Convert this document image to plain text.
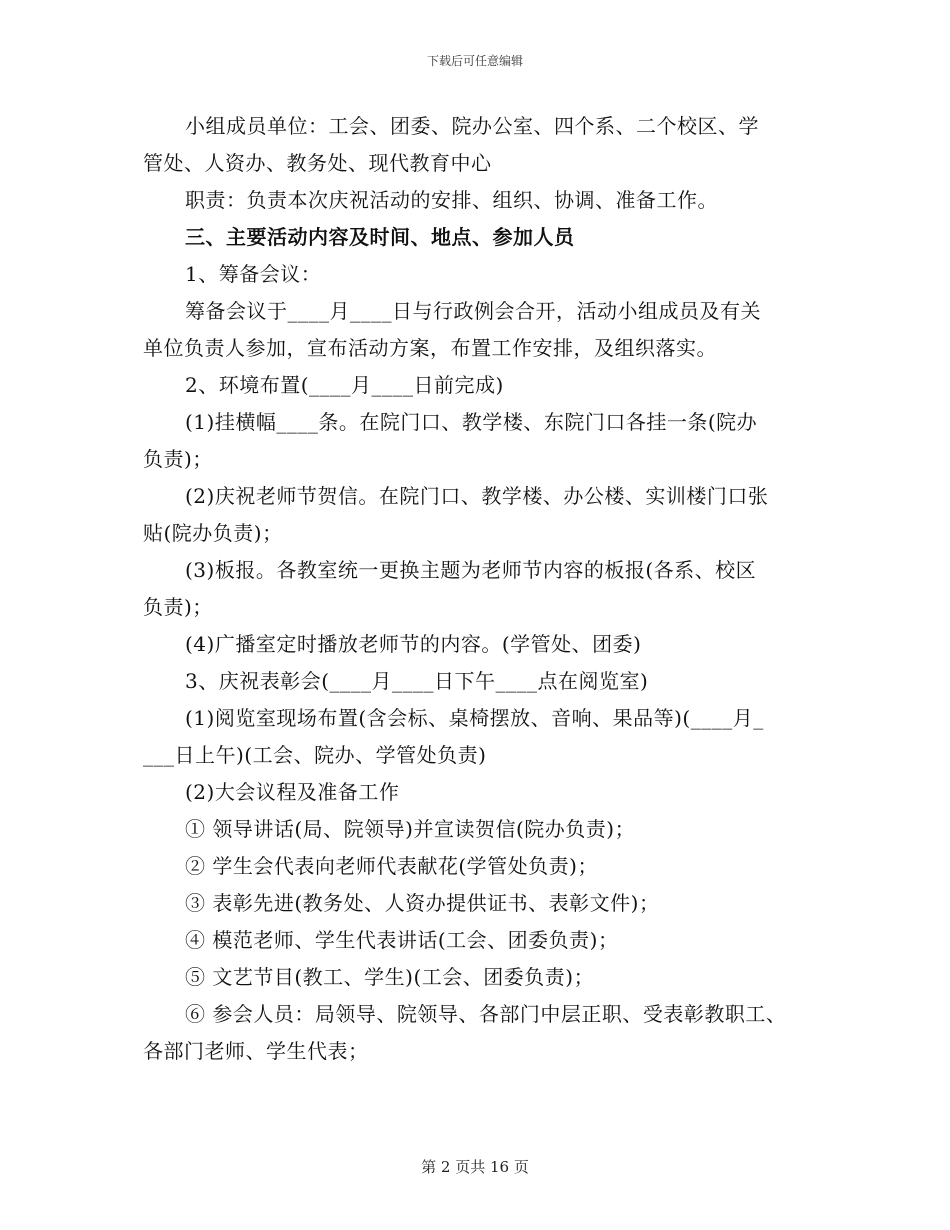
下载后可任意编辑
小组成员单位：工会、团委、院办公室、四个系、二个校区、学
管处、人资办、教务处、现代教育中心
职责：负责本次庆祝活动的安排、组织、协调、准备工作。
三、主要活动内容及时间、地点、参加人员
1、筹备会议：
筹备会议于____月____日与行政例会合开，活动小组成员及有关
单位负责人参加，宣布活动方案，布置工作安排，及组织落实。
2、环境布置(____月____日前完成)
(1)挂横幅____条。在院门口、教学楼、东院门口各挂一条(院办
负责)；
(2)庆祝老师节贺信。在院门口、教学楼、办公楼、实训楼门口张
贴(院办负责)；
(3)板报。各教室统一更换主题为老师节内容的板报(各系、校区
负责)；
(4)广播室定时播放老师节的内容。(学管处、团委)
3、庆祝表彰会(____月____日下午____点在阅览室)
(1)阅览室现场布置(含会标、桌椅摆放、音响、果品等)(____月_
___日上午)(工会、院办、学管处负责)
(2)大会议程及准备工作
① 领导讲话(局、院领导)并宣读贺信(院办负责)；
② 学生会代表向老师代表献花(学管处负责)；
③ 表彰先进(教务处、人资办提供证书、表彰文件)；
④ 模范老师、学生代表讲话(工会、团委负责)；
⑤ 文艺节目(教工、学生)(工会、团委负责)；
⑥ 参会人员：局领导、院领导、各部门中层正职、受表彰教职工、
各部门老师、学生代表；
第 2 页共 16 页
